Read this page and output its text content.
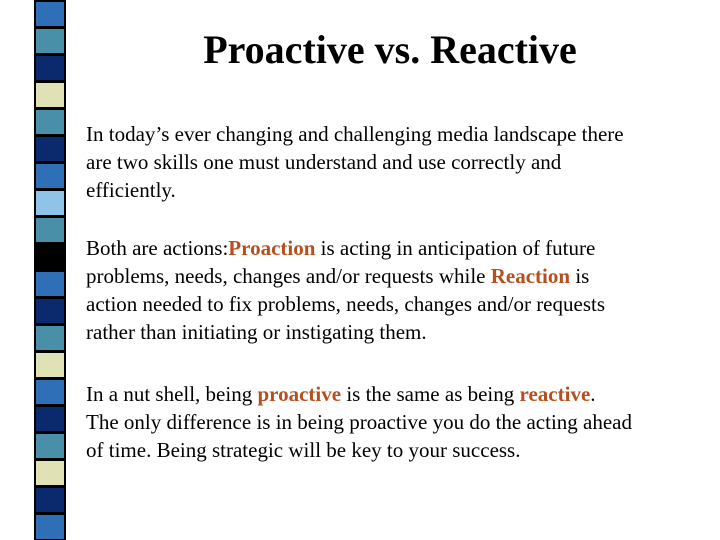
Proactive vs. Reactive

In today’s ever changing and challenging media landscape there
are two skills one must understand and use correctly and
efficiently.

Both are actions:Proaction is acting in anticipation of future
problems, needs, changes and/or requests while Reaction is
action needed to fix problems, needs, changes and/or requests
rather than initiating or instigating them.

In a nut shell, being proactive is the same as being reactive.
The only difference is in being proactive you do the acting ahead
of time. Being strategic will be key to your success.
